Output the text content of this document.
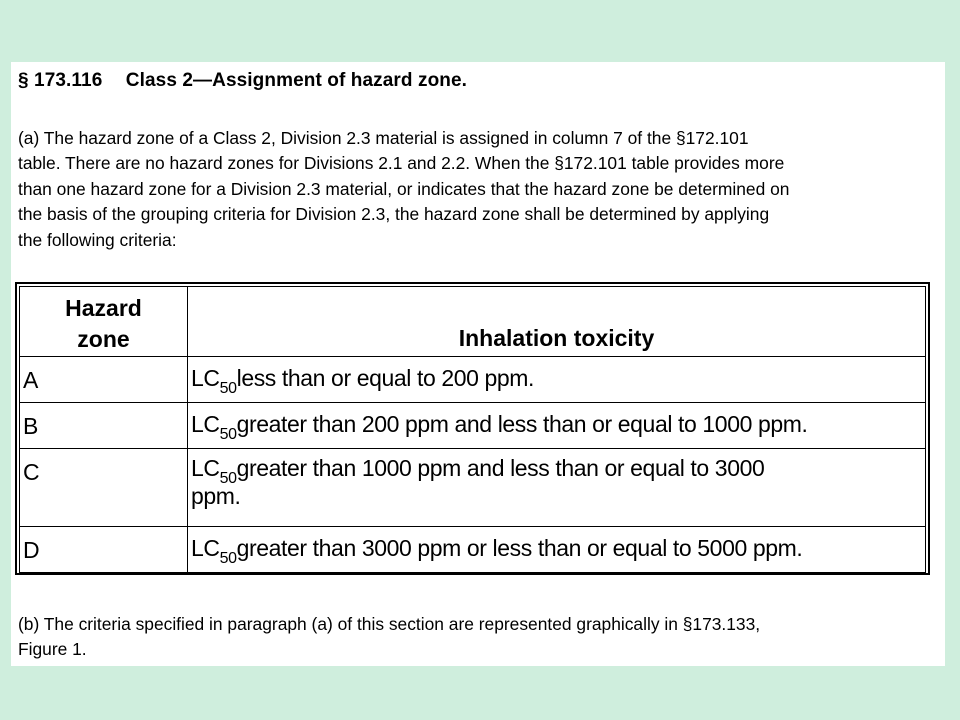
§ 173.116 Class 2—Assignment of hazard zone.
(a) The hazard zone of a Class 2, Division 2.3 material is assigned in column 7 of the §172.101
table. There are no hazard zones for Divisions 2.1 and 2.2. When the §172.101 table provides more
than one hazard zone for a Division 2.3 material, or indicates that the hazard zone be determined on
the basis of the grouping criteria for Division 2.3, the hazard zone shall be determined by applying
the following criteria:
Hazard
zone	Inhalation toxicity
A	$LC_{50}less$ than or equal to 200 ppm.
B	$LC_{50}greater$ than 200 ppm and less than or equal to 1000 ppm.
C	$LC_{50}greater$ than 1000 ppm and less than or equal to 3000
ppm.
D	$LC_{50}greater$ than 3000 ppm or less than or equal to 5000 ppm.
(b) The criteria specified in paragraph (a) of this section are represented graphically in §173.133,
Figure 1.
